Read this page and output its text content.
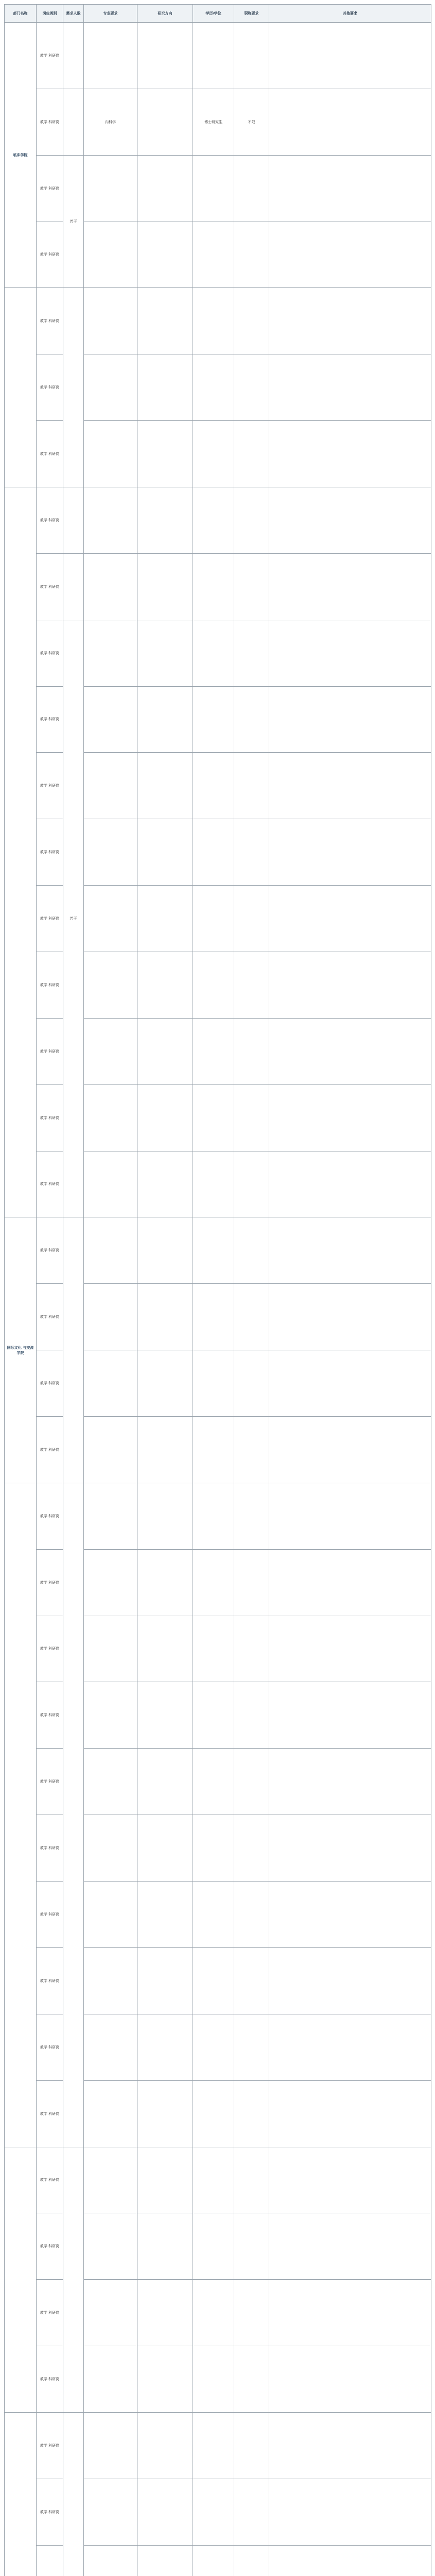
部门名称	岗位类别	需求人数	专业要求	研究方向	学历/学位	职称要求	其他要求
临床学院	教学 科研岗						
	教学 科研岗		内科学		博士研究生	不限	
	教学 科研岗	若干					
	教学 科研岗						
	教学 科研岗						
	教学 科研岗						
	教学 科研岗						
	教学 科研岗						
	教学 科研岗						
	教学 科研岗	若干					
	教学 科研岗						
	教学 科研岗						
	教学 科研岗						
	教学 科研岗						
	教学 科研岗						
	教学 科研岗						
	教学 科研岗						
	教学 科研岗						
国际文化 与交流学院	教学 科研岗						
	教学 科研岗						
	教学 科研岗						
	教学 科研岗						
	教学 科研岗						
	教学 科研岗						
	教学 科研岗						
	教学 科研岗						
	教学 科研岗						
	教学 科研岗						
	教学 科研岗						
	教学 科研岗						
	教学 科研岗						
	教学 科研岗						
	教学 科研岗						
	教学 科研岗						
	教学 科研岗						
	教学 科研岗						
	教学 科研岗						
	教学 科研岗						
